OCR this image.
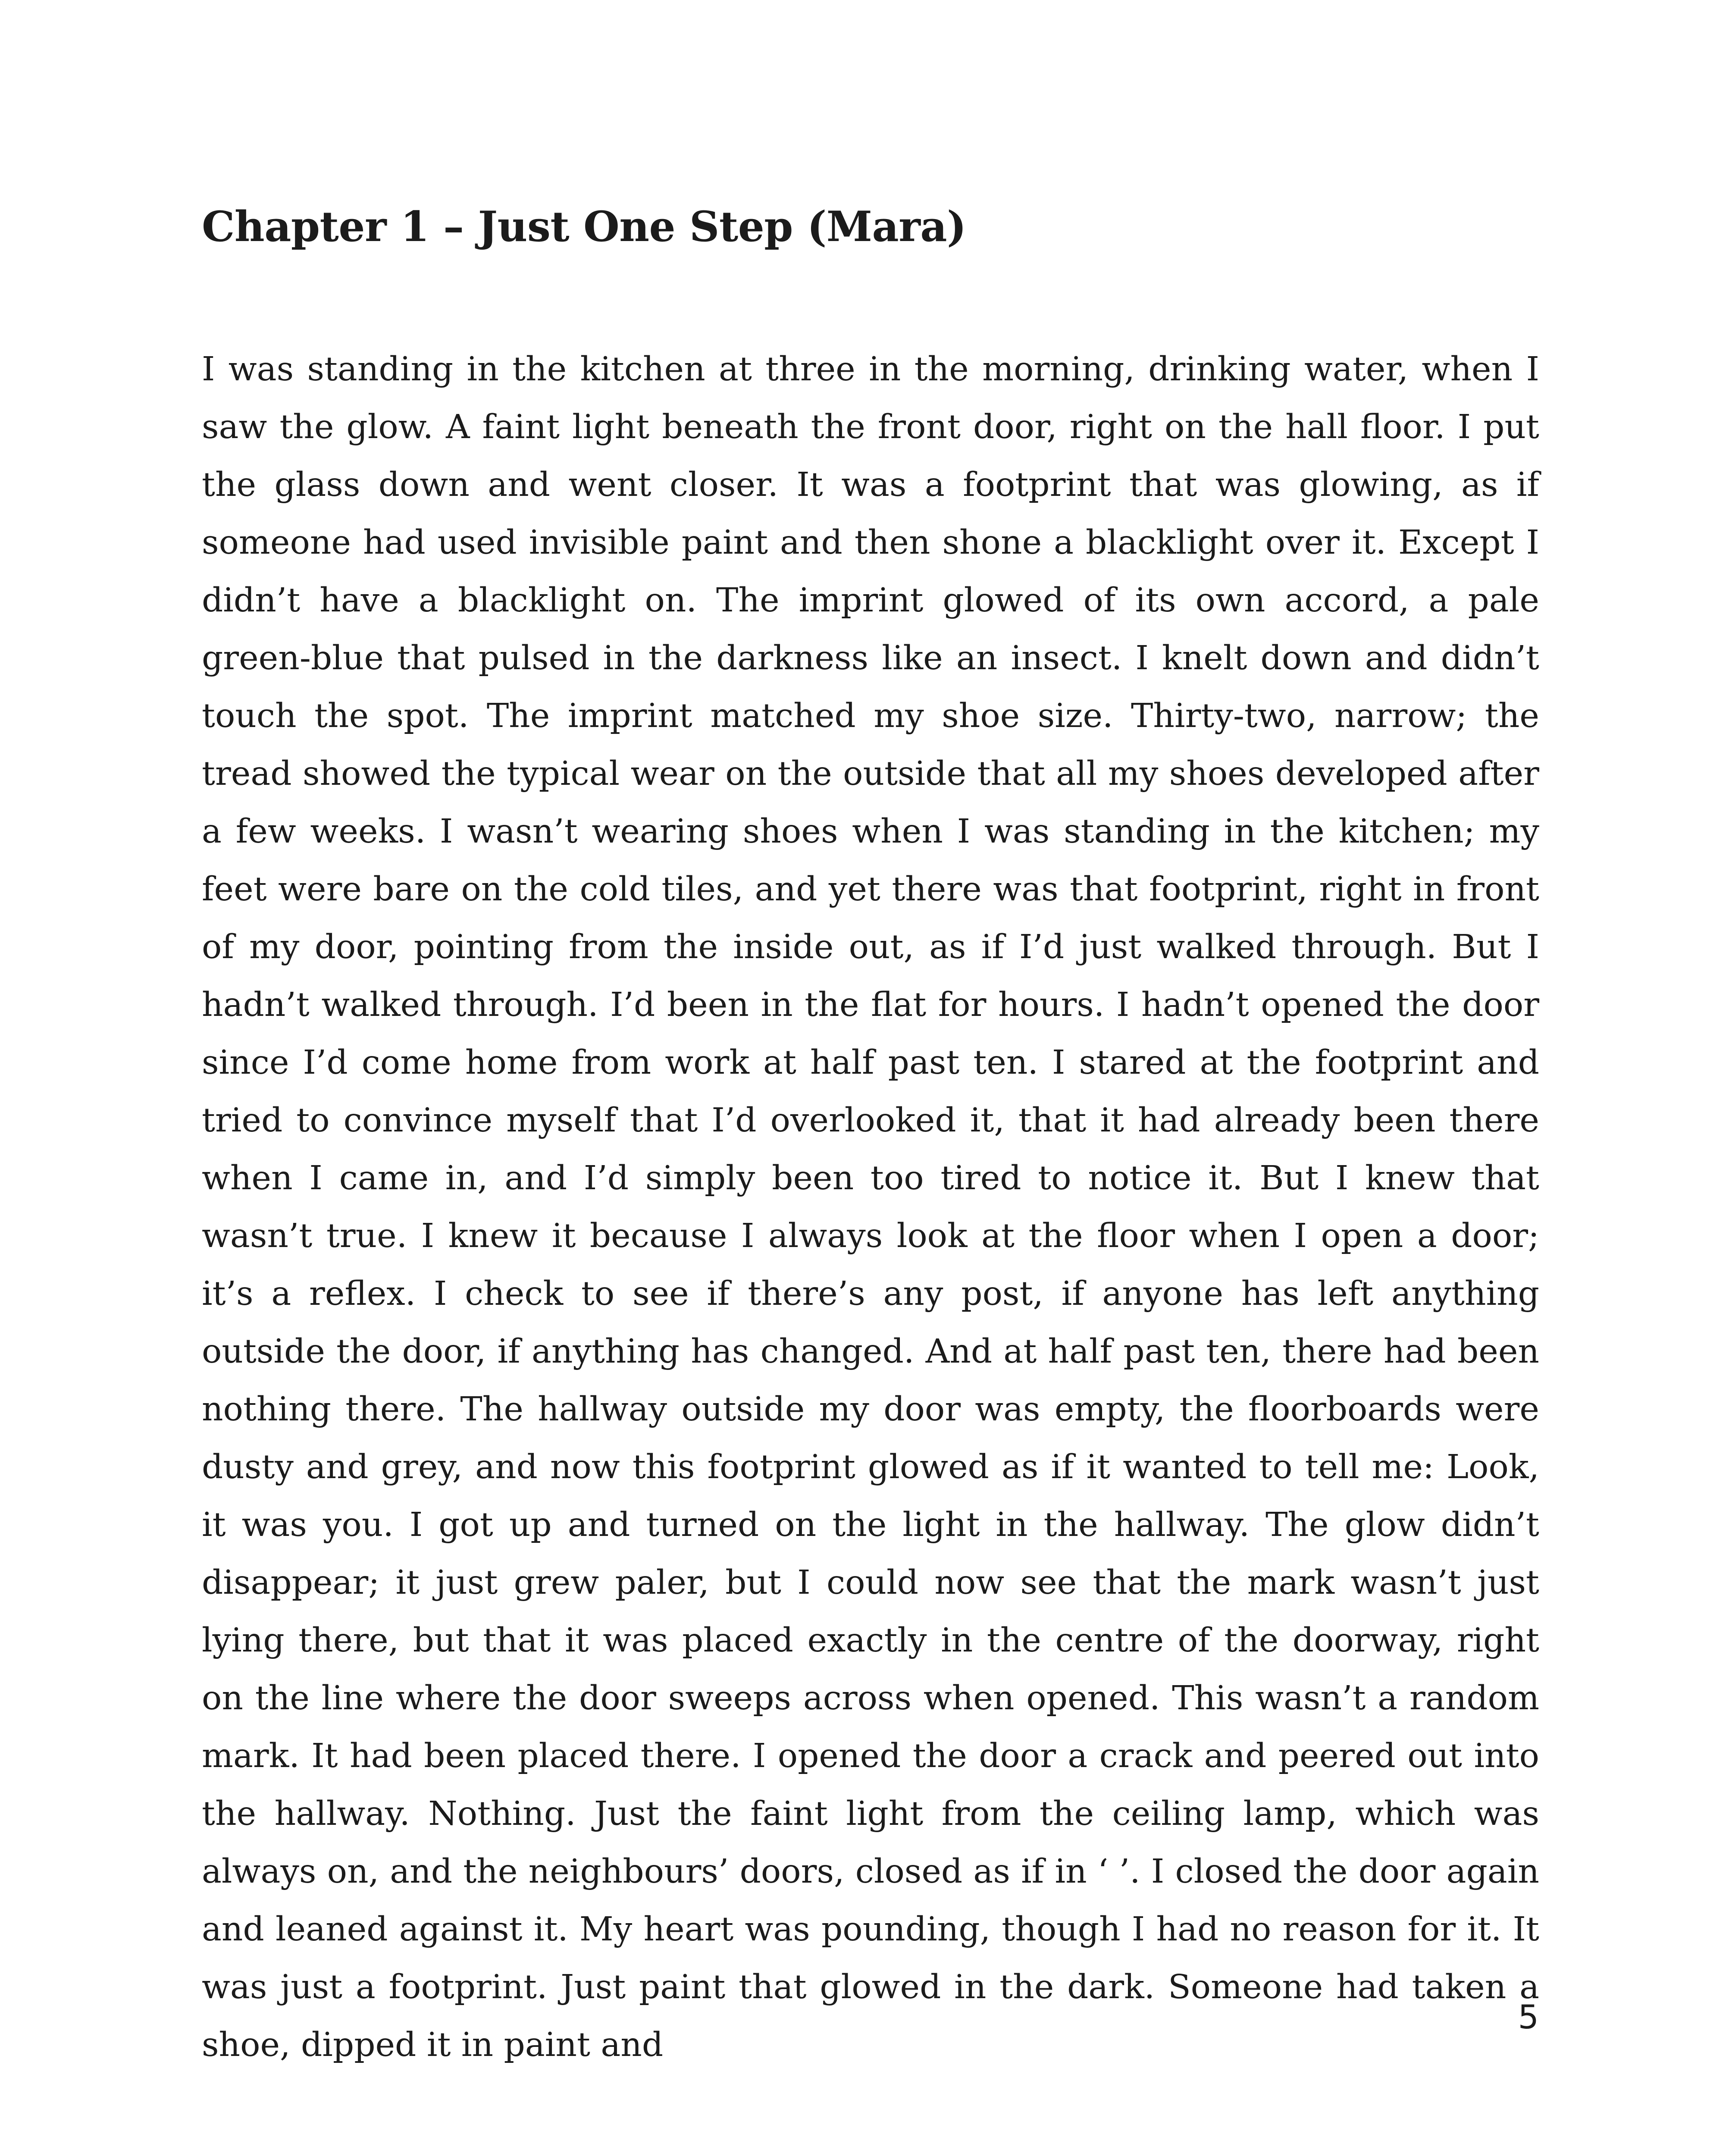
Chapter 1 – Just One Step (Mara)

I was standing in the kitchen at three in the morning, drinking water, when I saw the glow. A faint light beneath the front door, right on the hall floor. I put the glass down and went closer. It was a footprint that was glowing, as if someone had used invisible paint and then shone a blacklight over it. Except I didn’t have a blacklight on. The imprint glowed of its own accord, a pale green-blue that pulsed in the darkness like an insect. I knelt down and didn’t touch the spot. The imprint matched my shoe size. Thirty-two, narrow; the tread showed the typical wear on the outside that all my shoes developed after a few weeks. I wasn’t wearing shoes when I was standing in the kitchen; my feet were bare on the cold tiles, and yet there was that footprint, right in front of my door, pointing from the inside out, as if I’d just walked through. But I hadn’t walked through. I’d been in the flat for hours. I hadn’t opened the door since I’d come home from work at half past ten. I stared at the footprint and tried to convince myself that I’d overlooked it, that it had already been there when I came in, and I’d simply been too tired to notice it. But I knew that wasn’t true. I knew it because I always look at the floor when I open a door; it’s a reflex. I check to see if there’s any post, if anyone has left anything outside the door, if anything has changed. And at half past ten, there had been nothing there. The hallway outside my door was empty, the floorboards were dusty and grey, and now this footprint glowed as if it wanted to tell me: Look, it was you. I got up and turned on the light in the hallway. The glow didn’t disappear; it just grew paler, but I could now see that the mark wasn’t just lying there, but that it was placed exactly in the centre of the doorway, right on the line where the door sweeps across when opened. This wasn’t a random mark. It had been placed there. I opened the door a crack and peered out into the hallway. Nothing. Just the faint light from the ceiling lamp, which was always on, and the neighbours’ doors, closed as if in ‘ ’. I closed the door again and leaned against it. My heart was pounding, though I had no reason for it. It was just a footprint. Just paint that glowed in the dark. Someone had taken a shoe, dipped it in paint and

5
